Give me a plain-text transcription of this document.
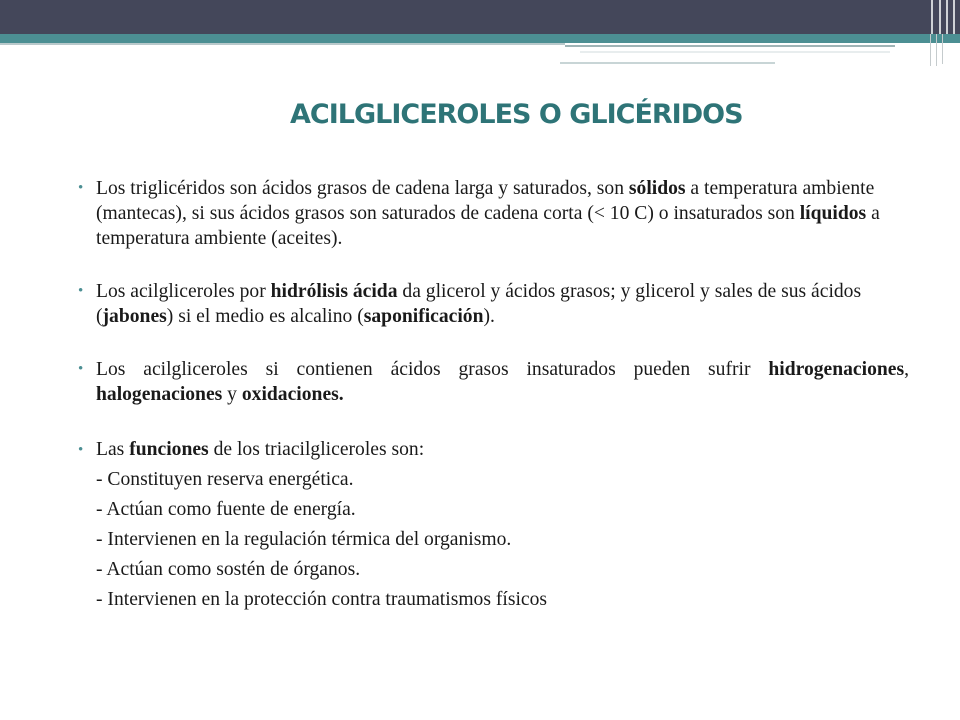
ACILGLICEROLES O GLICÉRIDOS
• Los triglicéridos son ácidos grasos de cadena larga y saturados, son sólidos a temperatura ambiente (mantecas), si sus ácidos grasos son saturados de cadena corta (< 10 C) o insaturados son líquidos a temperatura ambiente (aceites).
• Los acilgliceroles por hidrólisis ácida da glicerol y ácidos grasos; y glicerol y sales de sus ácidos (jabones) si el medio es alcalino (saponificación).
• Los acilgliceroles si contienen ácidos grasos insaturados pueden sufrir hidrogenaciones, halogenaciones y oxidaciones.
• Las funciones de los triacilgliceroles son:
- Constituyen reserva energética.
- Actúan como fuente de energía.
- Intervienen en la regulación térmica del organismo.
- Actúan como sostén de órganos.
- Intervienen en la protección contra traumatismos físicos
